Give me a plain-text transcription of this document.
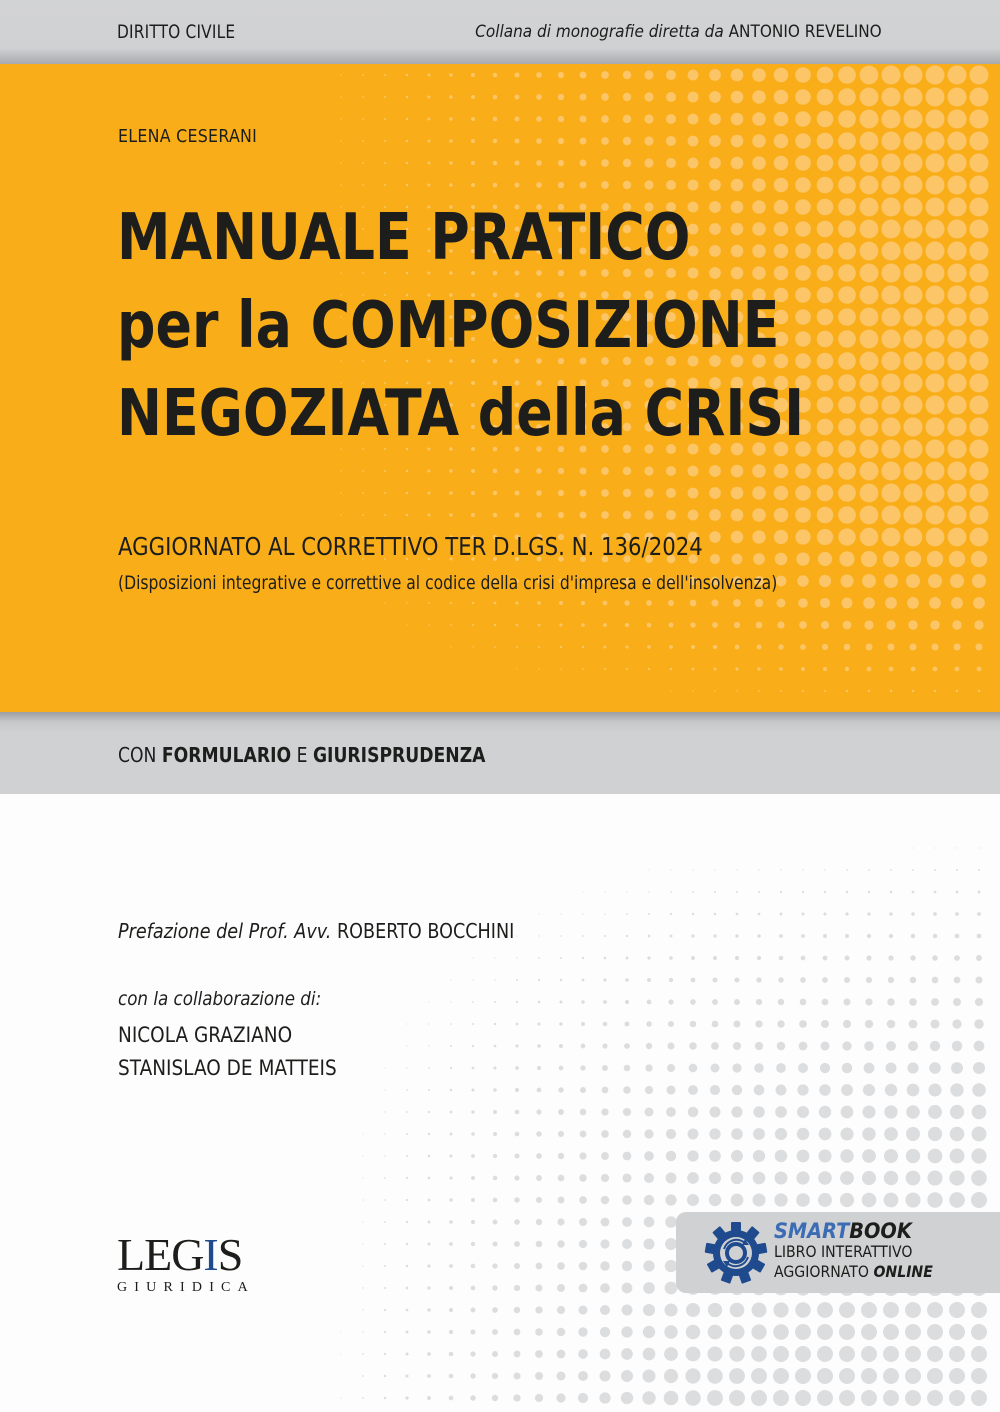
DIRITTO CIVILE	Collana di monografie diretta da ANTONIO REVELINO
ELENA CESERANI
MANUALE PRATICO
per la COMPOSIZIONE
NEGOZIATA della CRISI
AGGIORNATO AL CORRETTIVO TER D.LGS. N. 136/2024
(Disposizioni integrative e correttive al codice della crisi d'impresa e dell'insolvenza)
CON FORMULARIO E GIURISPRUDENZA
Prefazione del Prof. Avv. ROBERTO BOCCHINI
con la collaborazione di:
NICOLA GRAZIANO
STANISLAO DE MATTEIS
LEGIS
GIURIDICA
SMARTBOOK
LIBRO INTERATTIVO
AGGIORNATO ONLINE
